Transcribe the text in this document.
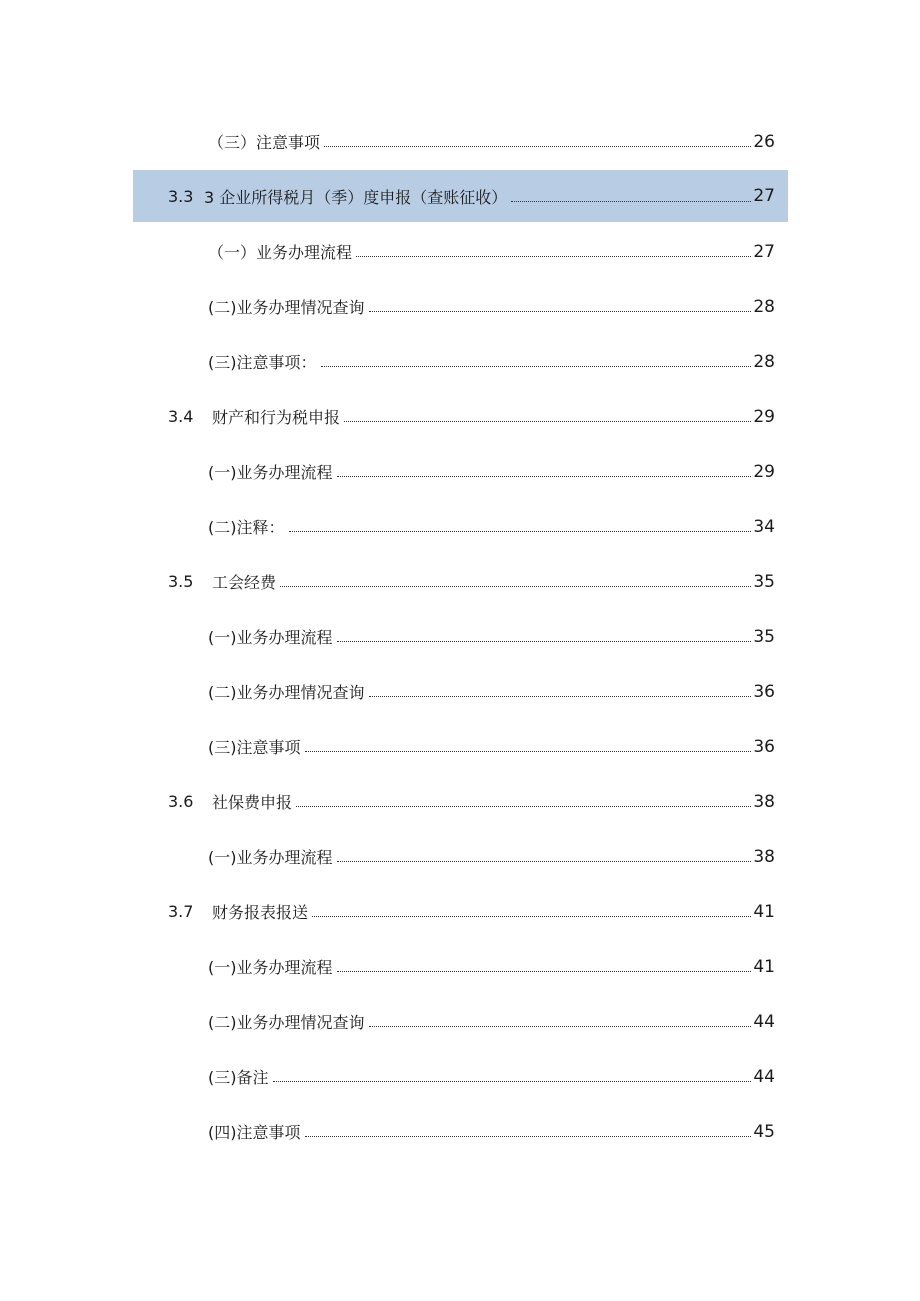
（三）注意事项	26
3.3 3 企业所得税月（季）度申报（查账征收）	27
（一）业务办理流程	27
(二)业务办理情况查询	28
(三)注意事项：	28
3.4	财产和行为税申报	29
(一)业务办理流程	29
(二)注释：	34
3.5	工会经费	35
(一)业务办理流程	35
(二)业务办理情况查询	36
(三)注意事项	36
3.6	社保费申报	38
(一)业务办理流程	38
3.7	财务报表报送	41
(一)业务办理流程	41
(二)业务办理情况查询	44
(三)备注	44
(四)注意事项	45
